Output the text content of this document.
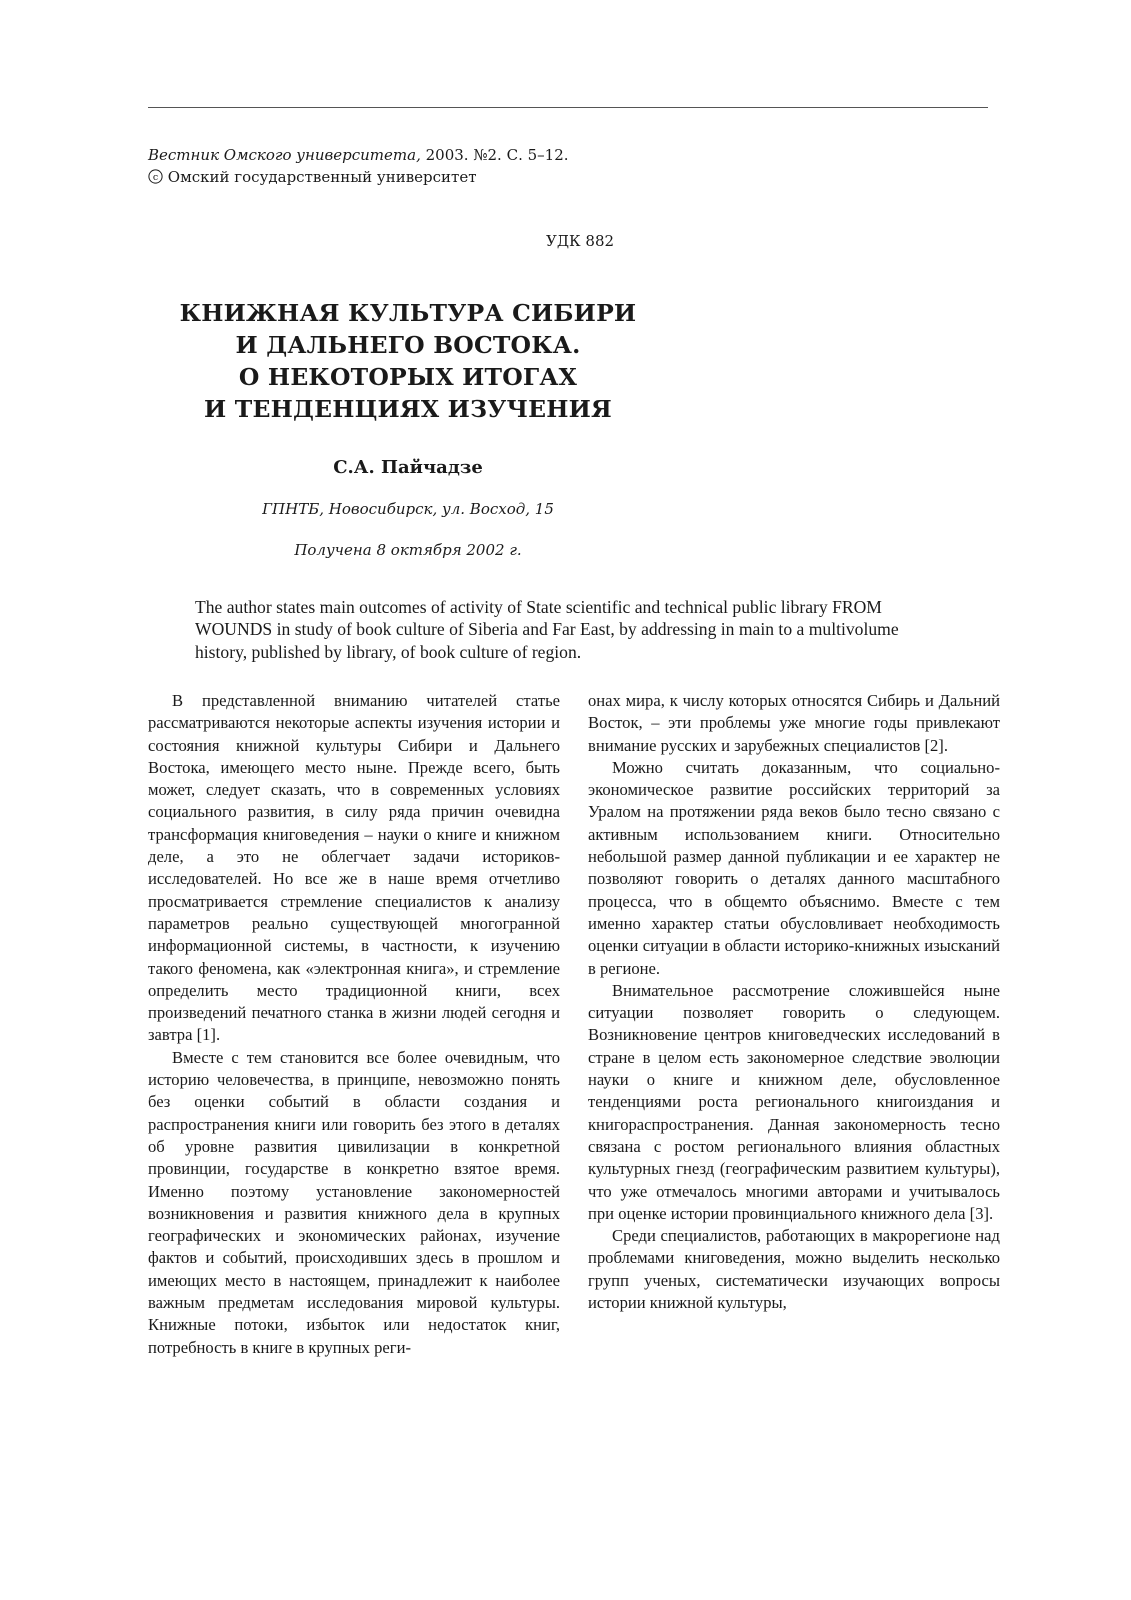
Вестник Омского университета, 2003. №2. С. 5–12.
c Омский государственный университет
УДК 882
КНИЖНАЯ КУЛЬТУРА СИБИРИ
И ДАЛЬНЕГО ВОСТОКА.
О НЕКОТОРЫХ ИТОГАХ
И ТЕНДЕНЦИЯХ ИЗУЧЕНИЯ
С.А. Пайчадзе
ГПНТБ, Новосибирск, ул. Восход, 15
Получена 8 октября 2002 г.
The author states main outcomes of activity of State scientific and technical public library FROM WOUNDS in study of book culture of Siberia and Far East, by addressing in main to a multivolume history, published by library, of book culture of region.

В представленной вниманию читателей статье рассматриваются некоторые аспекты изучения истории и состояния книжной культуры Сибири и Дальнего Востока, имеющего место ныне. Прежде всего, быть может, следует сказать, что в современных условиях социального развития, в силу ряда причин очевидна трансформация книговедения – науки о книге и книжном деле, а это не облегчает задачи историков-исследователей. Но все же в наше время отчетливо просматривается стремление специалистов к анализу параметров реально существующей многогранной информационной системы, в частности, к изучению такого феномена, как «электронная книга», и стремление определить место традиционной книги, всех произведений печатного станка в жизни людей сегодня и завтра [1].

Вместе с тем становится все более очевидным, что историю человечества, в принципе, невозможно понять без оценки событий в области создания и распространения книги или говорить без этого в деталях об уровне развития цивилизации в конкретной провинции, государстве в конкретно взятое время. Именно поэтому установление закономерностей возникновения и развития книжного дела в крупных географических и экономических районах, изучение фактов и событий, происходивших здесь в прошлом и имеющих место в настоящем, принадлежит к наиболее важным предметам исследования мировой культуры. Книжные потоки, избыток или недостаток книг, потребность в книге в крупных реги-

онах мира, к числу которых относятся Сибирь и Дальний Восток, – эти проблемы уже многие годы привлекают внимание русских и зарубежных специалистов [2].

Можно считать доказанным, что социально-экономическое развитие российских территорий за Уралом на протяжении ряда веков было тесно связано с активным использованием книги. Относительно небольшой размер данной публикации и ее характер не позволяют говорить о деталях данного масштабного процесса, что в общемто объяснимо. Вместе с тем именно характер статьи обусловливает необходимость оценки ситуации в области историко-книжных изысканий в регионе.

Внимательное рассмотрение сложившейся ныне ситуации позволяет говорить о следующем. Возникновение центров книговедческих исследований в стране в целом есть закономерное следствие эволюции науки о книге и книжном деле, обусловленное тенденциями роста регионального книгоиздания и книгораспространения. Данная закономерность тесно связана с ростом регионального влияния областных культурных гнезд (географическим развитием культуры), что уже отмечалось многими авторами и учитывалось при оценке истории провинциального книжного дела [3].

Среди специалистов, работающих в макрорегионе над проблемами книговедения, можно выделить несколько групп ученых, систематически изучающих вопросы истории книжной культуры,
